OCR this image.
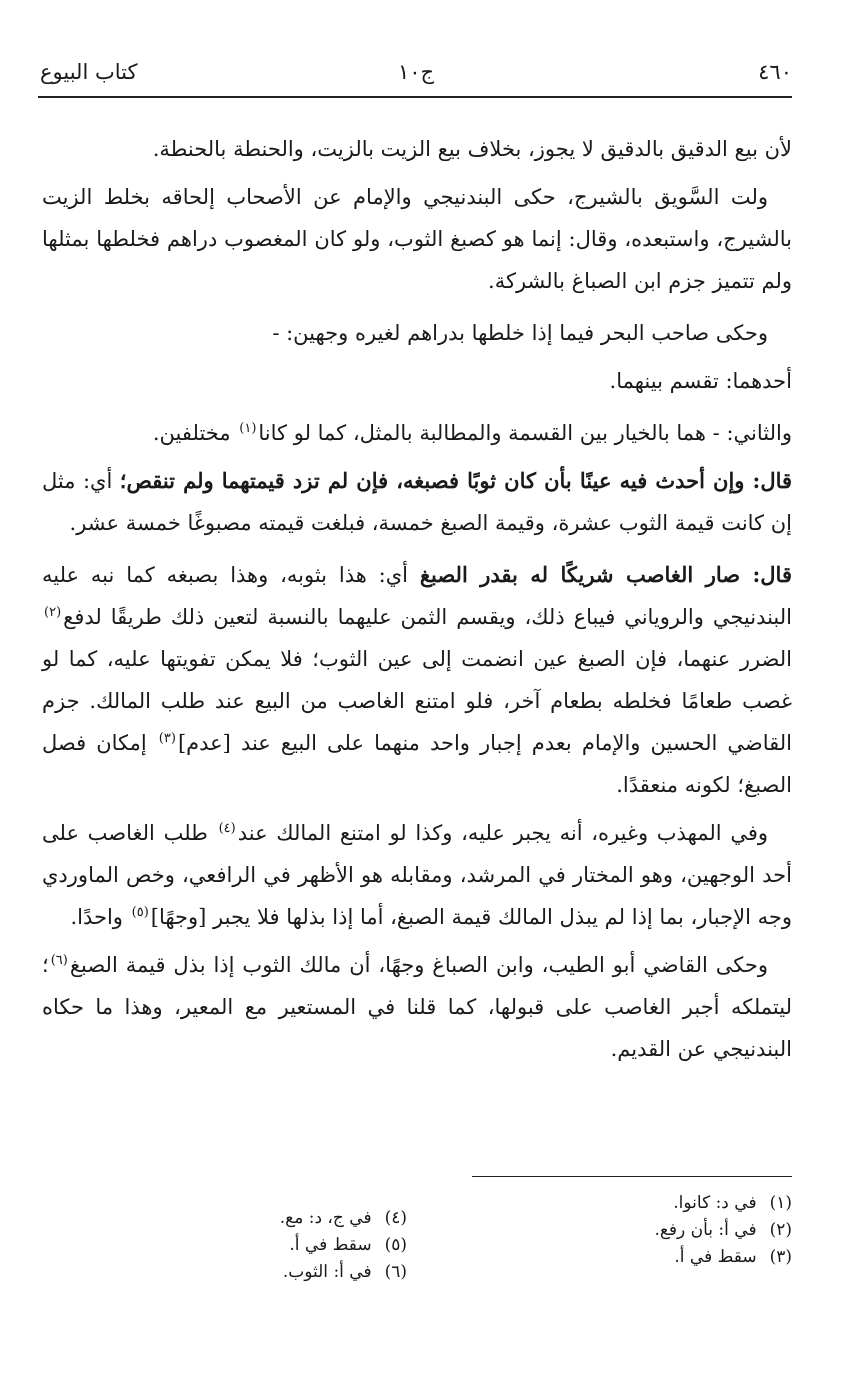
٤٦٠
ج١٠
كتاب البيوع

لأن بيع الدقيق بالدقيق لا يجوز، بخلاف بيع الزيت بالزيت، والحنطة بالحنطة.

ولت السَّويق بالشيرج، حكى البندنيجي والإمام عن الأصحاب إلحاقه بخلط الزيت بالشيرج، واستبعده، وقال: إنما هو كصبغ الثوب، ولو كان المغصوب دراهم فخلطها بمثلها ولم تتميز جزم ابن الصباغ بالشركة.

وحكى صاحب البحر فيما إذا خلطها بدراهم لغيره وجهين: -

أحدهما: تقسم بينهما.

والثاني: - هما بالخيار بين القسمة والمطالبة بالمثل، كما لو كانا$^{(١)}$ مختلفين.

قال: وإن أحدث فيه عينًا بأن كان ثوبًا فصبغه، فإن لم تزد قيمتهما ولم تنقص؛ أي: مثل إن كانت قيمة الثوب عشرة، وقيمة الصبغ خمسة، فبلغت قيمته مصبوغًا خمسة عشر.

قال: صار الغاصب شريكًا له بقدر الصبغ أي: هذا بثوبه، وهذا بصبغه كما نبه عليه البندنيجي والروياني فيباع ذلك، ويقسم الثمن عليهما بالنسبة لتعين ذلك طريقًا لدفع$^{(٢)}$ الضرر عنهما، فإن الصبغ عين انضمت إلى عين الثوب؛ فلا يمكن تفويتها عليه، كما لو غصب طعامًا فخلطه بطعام آخر، فلو امتنع الغاصب من البيع عند طلب المالك. جزم القاضي الحسين والإمام بعدم إجبار واحد منهما على البيع عند [عدم]$^{(٣)}$ إمكان فصل الصبغ؛ لكونه منعقدًا.

وفي المهذب وغيره، أنه يجبر عليه، وكذا لو امتنع المالك عند$^{(٤)}$ طلب الغاصب على أحد الوجهين، وهو المختار في المرشد، ومقابله هو الأظهر في الرافعي، وخص الماوردي وجه الإجبار، بما إذا لم يبذل المالك قيمة الصبغ، أما إذا بذلها فلا يجبر [وجهًا]$^{(٥)}$ واحدًا.

وحكى القاضي أبو الطيب، وابن الصباغ وجهًا، أن مالك الثوب إذا بذل قيمة الصبغ$^{(٦)}$؛ ليتملكه أجبر الغاصب على قبولها، كما قلنا في المستعير مع المعير، وهذا ما حكاه البندنيجي عن القديم.

(١) في د: كانوا.
(٢) في أ: بأن رفع.
(٣) سقط في أ.
(٤) في ج، د: مع.
(٥) سقط في أ.
(٦) في أ: الثوب.
